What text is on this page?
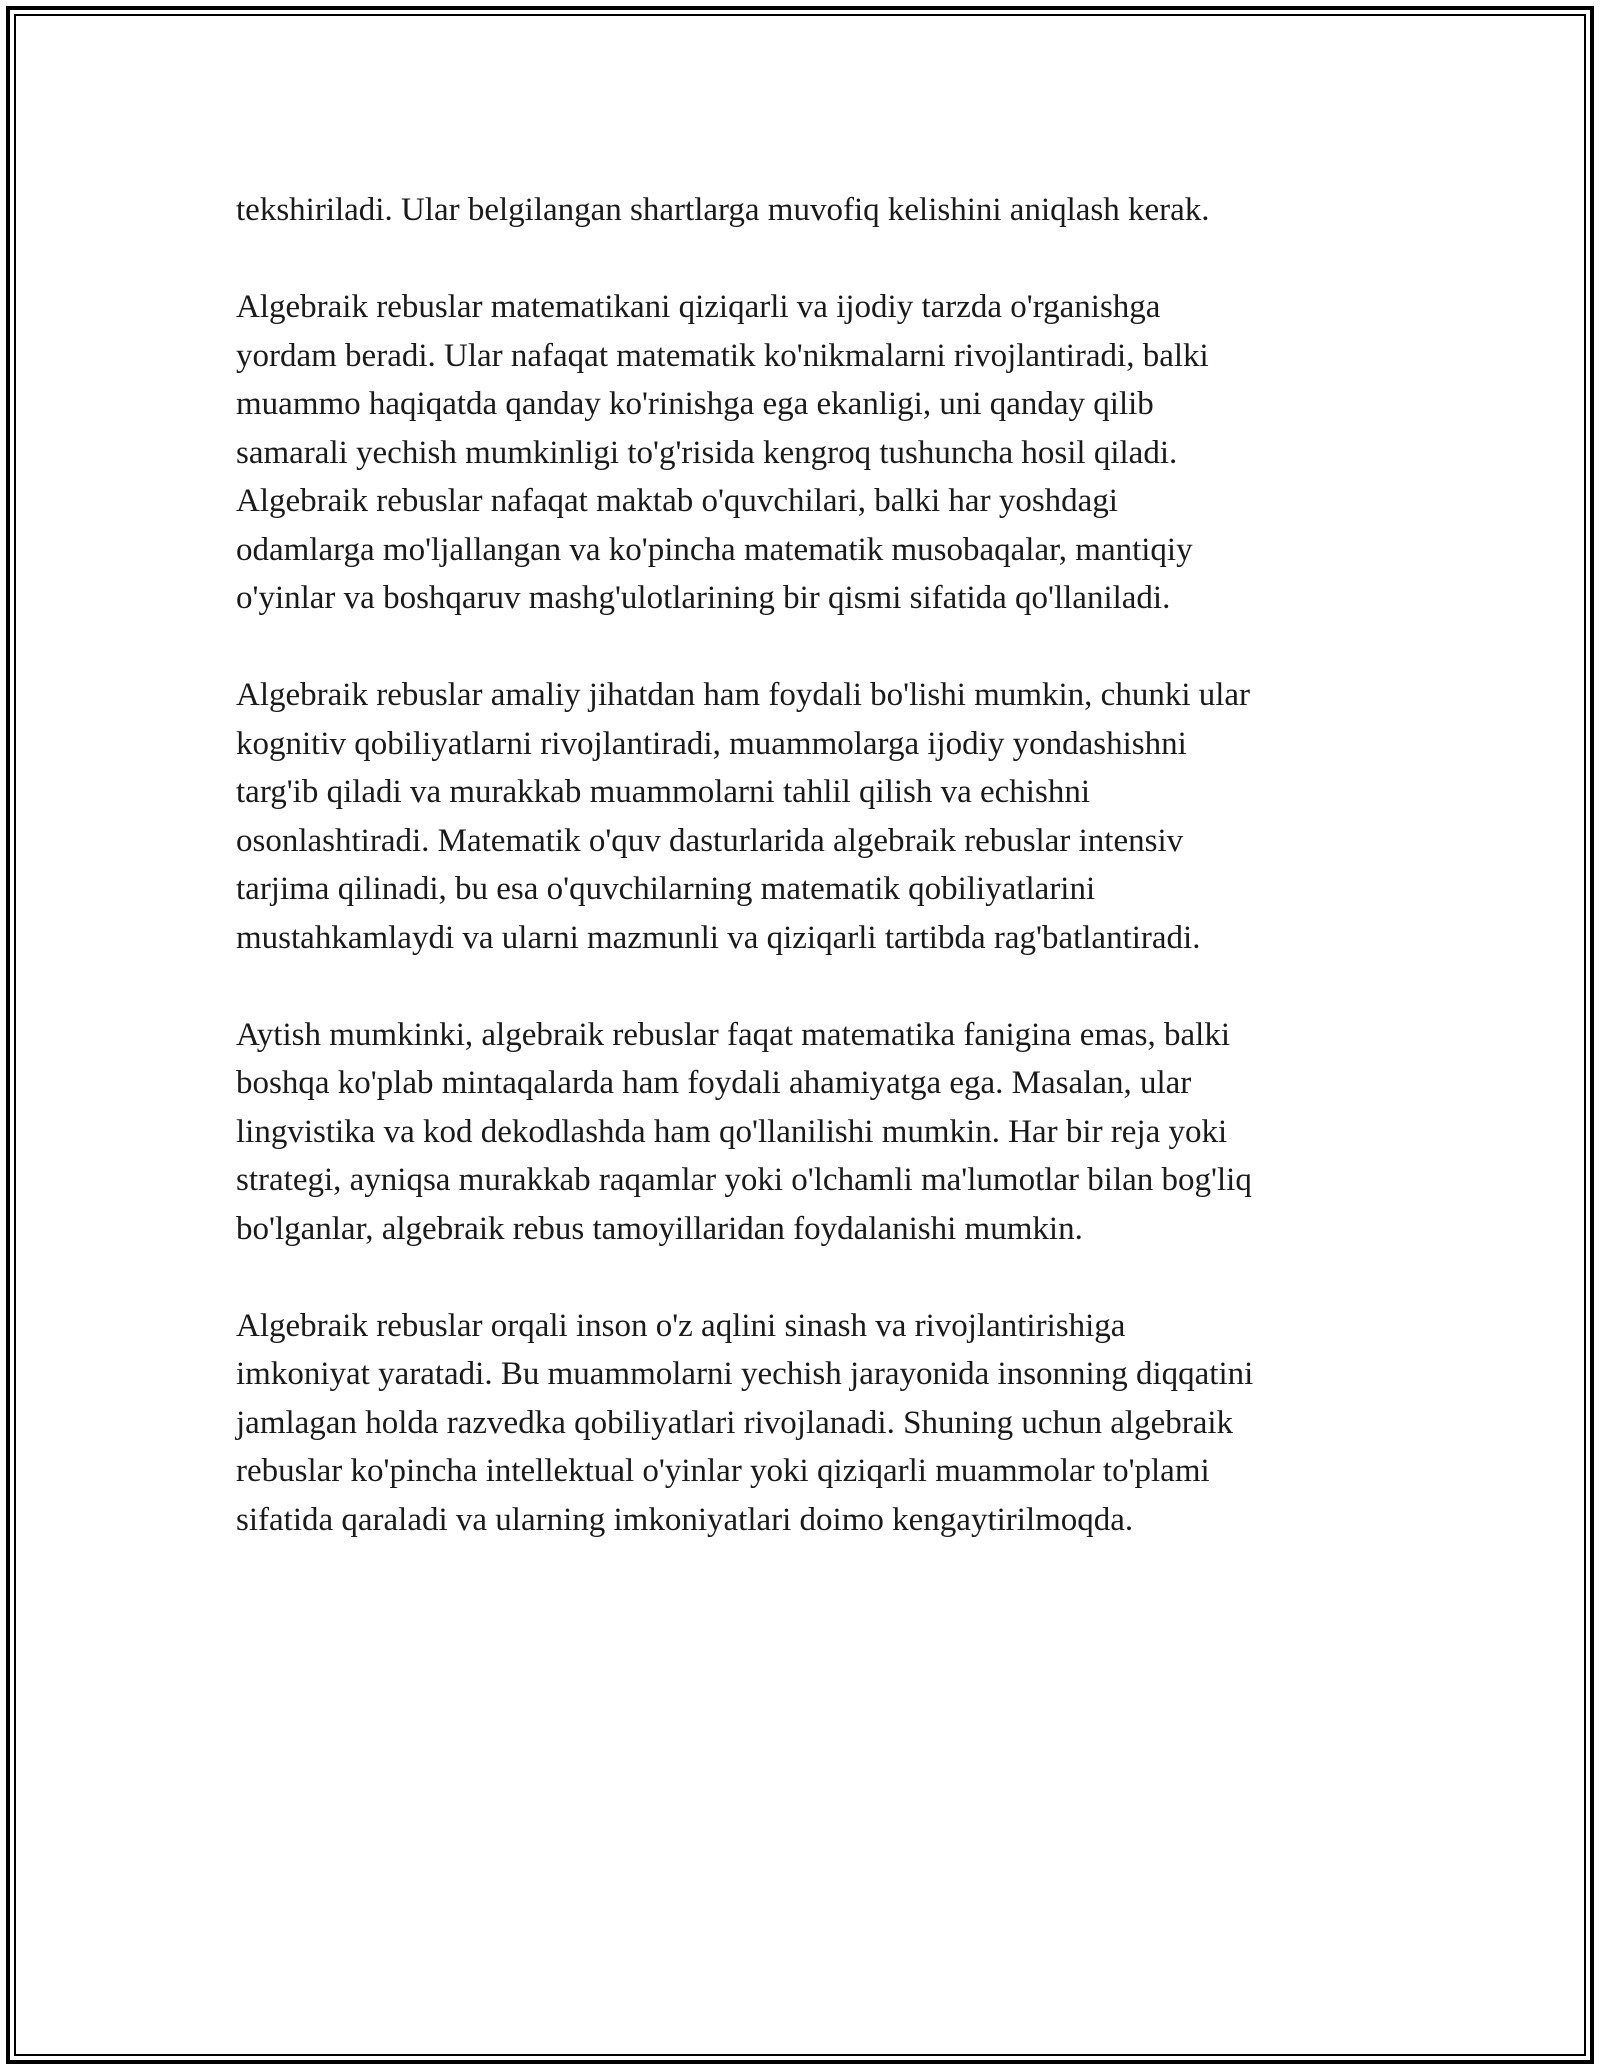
tekshiriladi. Ular belgilangan shartlarga muvofiq kelishini aniqlash kerak.

Algebraik rebuslar matematikani qiziqarli va ijodiy tarzda o'rganishga
yordam beradi. Ular nafaqat matematik ko'nikmalarni rivojlantiradi, balki
muammo haqiqatda qanday ko'rinishga ega ekanligi, uni qanday qilib
samarali yechish mumkinligi to'g'risida kengroq tushuncha hosil qiladi.
Algebraik rebuslar nafaqat maktab o'quvchilari, balki har yoshdagi
odamlarga mo'ljallangan va ko'pincha matematik musobaqalar, mantiqiy
o'yinlar va boshqaruv mashg'ulotlarining bir qismi sifatida qo'llaniladi.

Algebraik rebuslar amaliy jihatdan ham foydali bo'lishi mumkin, chunki ular
kognitiv qobiliyatlarni rivojlantiradi, muammolarga ijodiy yondashishni
targ'ib qiladi va murakkab muammolarni tahlil qilish va echishni
osonlashtiradi. Matematik o'quv dasturlarida algebraik rebuslar intensiv
tarjima qilinadi, bu esa o'quvchilarning matematik qobiliyatlarini
mustahkamlaydi va ularni mazmunli va qiziqarli tartibda rag'batlantiradi.

Aytish mumkinki, algebraik rebuslar faqat matematika fanigina emas, balki
boshqa ko'plab mintaqalarda ham foydali ahamiyatga ega. Masalan, ular
lingvistika va kod dekodlashda ham qo'llanilishi mumkin. Har bir reja yoki
strategi, ayniqsa murakkab raqamlar yoki o'lchamli ma'lumotlar bilan bog'liq
bo'lganlar, algebraik rebus tamoyillaridan foydalanishi mumkin.

Algebraik rebuslar orqali inson o'z aqlini sinash va rivojlantirishiga
imkoniyat yaratadi. Bu muammolarni yechish jarayonida insonning diqqatini
jamlagan holda razvedka qobiliyatlari rivojlanadi. Shuning uchun algebraik
rebuslar ko'pincha intellektual o'yinlar yoki qiziqarli muammolar to'plami
sifatida qaraladi va ularning imkoniyatlari doimo kengaytirilmoqda.
